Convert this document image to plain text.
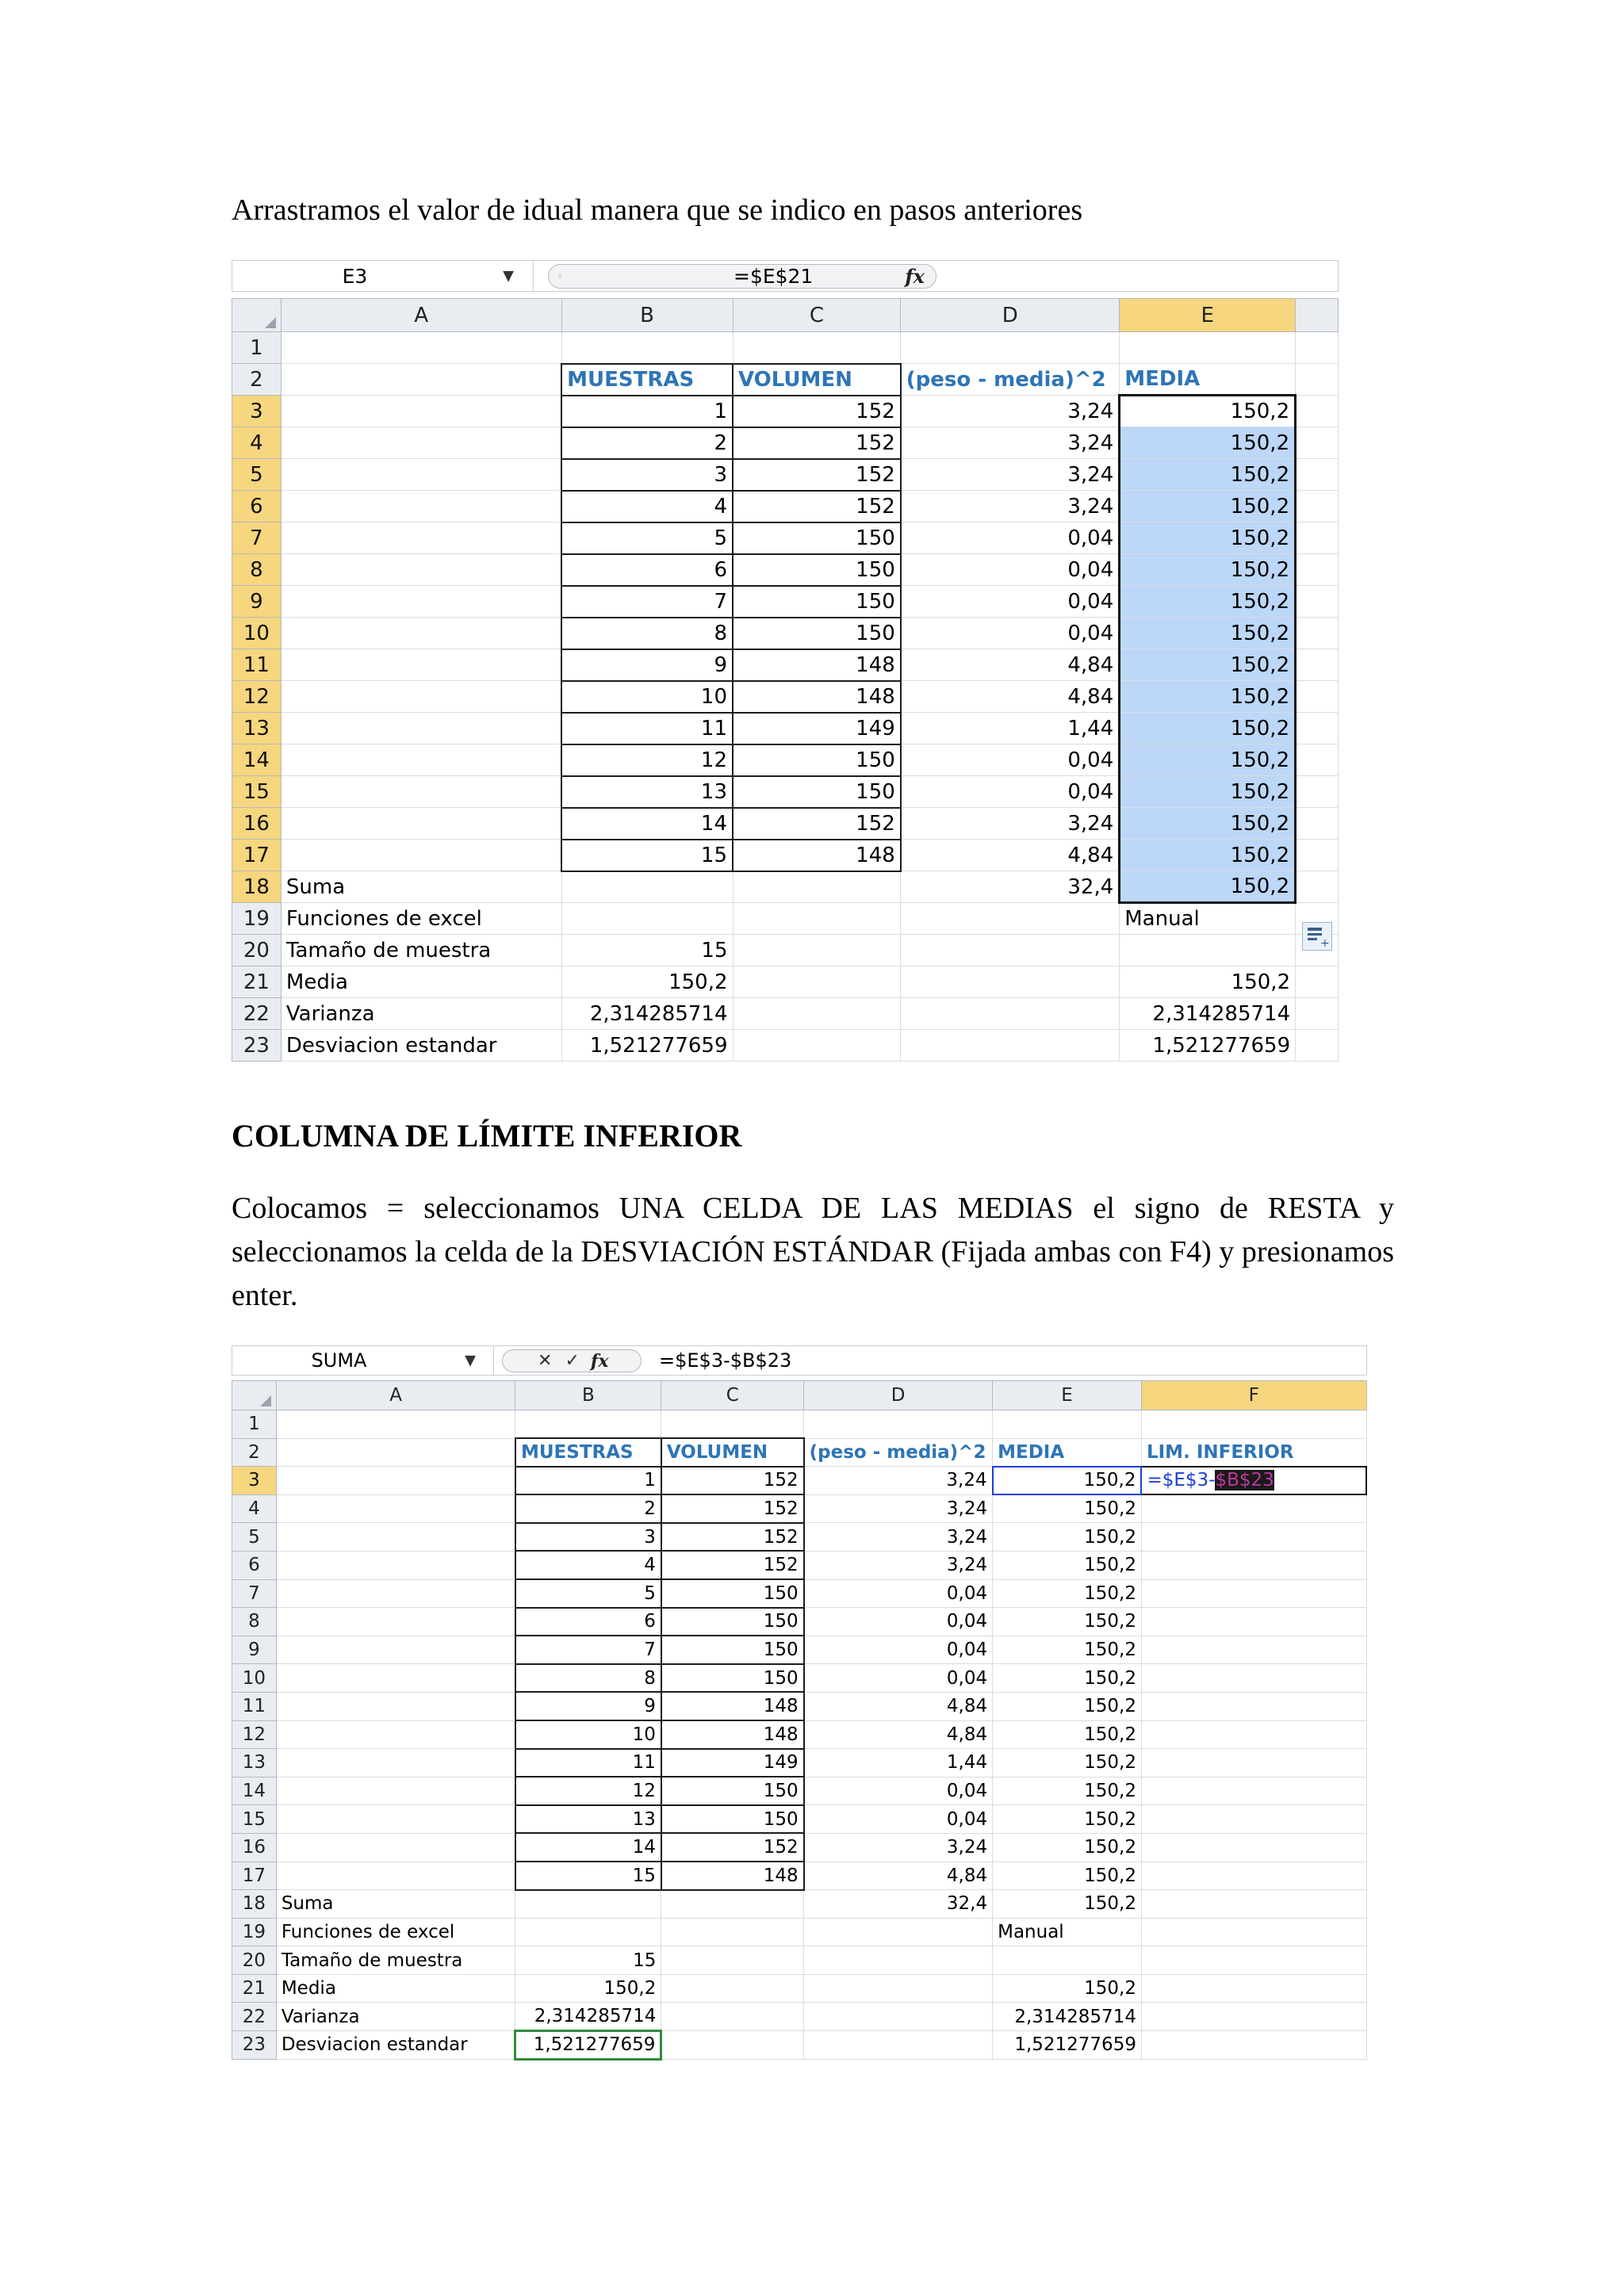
Arrastramos el valor de idual manera que se indico en pasos anteriores

E3	▼	◦	fx
=$E$21
	A	B	C	D	E	
1						
2		MUESTRAS	VOLUMEN	(peso - media)^2	MEDIA	
3		1	152	3,24	150,2	
4		2	152	3,24	150,2	
5		3	152	3,24	150,2	
6		4	152	3,24	150,2	
7		5	150	0,04	150,2	
8		6	150	0,04	150,2	
9		7	150	0,04	150,2	
10		8	150	0,04	150,2	
11		9	148	4,84	150,2	
12		10	148	4,84	150,2	
13		11	149	1,44	150,2	
14		12	150	0,04	150,2	
15		13	150	0,04	150,2	
16		14	152	3,24	150,2	
17		15	148	4,84	150,2	
18	Suma			32,4	150,2	
19	Funciones de excel				Manual	
20	Tamaño de muestra	15				
21	Media	150,2			150,2	
22	Varianza	2,314285714			2,314285714	
23	Desviacion estandar	1,521277659			1,521277659	
+

COLUMNA DE LÍMITE INFERIOR

Colocamos = seleccionamos UNA CELDA DE LAS MEDIAS el signo de RESTA y seleccionamos la celda de la DESVIACIÓN ESTÁNDAR (Fijada ambas con F4) y presionamos enter.

SUMA	▼	✕ ✓ fx	=$E$3-$B$23
	A	B	C	D	E	F
1						
2		MUESTRAS	VOLUMEN	(peso - media)^2	MEDIA	LIM. INFERIOR
3		1	152	3,24	150,2	=$E$3-$B$23
4		2	152	3,24	150,2	
5		3	152	3,24	150,2	
6		4	152	3,24	150,2	
7		5	150	0,04	150,2	
8		6	150	0,04	150,2	
9		7	150	0,04	150,2	
10		8	150	0,04	150,2	
11		9	148	4,84	150,2	
12		10	148	4,84	150,2	
13		11	149	1,44	150,2	
14		12	150	0,04	150,2	
15		13	150	0,04	150,2	
16		14	152	3,24	150,2	
17		15	148	4,84	150,2	
18	Suma			32,4	150,2	
19	Funciones de excel				Manual	
20	Tamaño de muestra	15				
21	Media	150,2			150,2	
22	Varianza	2,314285714			2,314285714	
23	Desviacion estandar	1,521277659			1,521277659	
